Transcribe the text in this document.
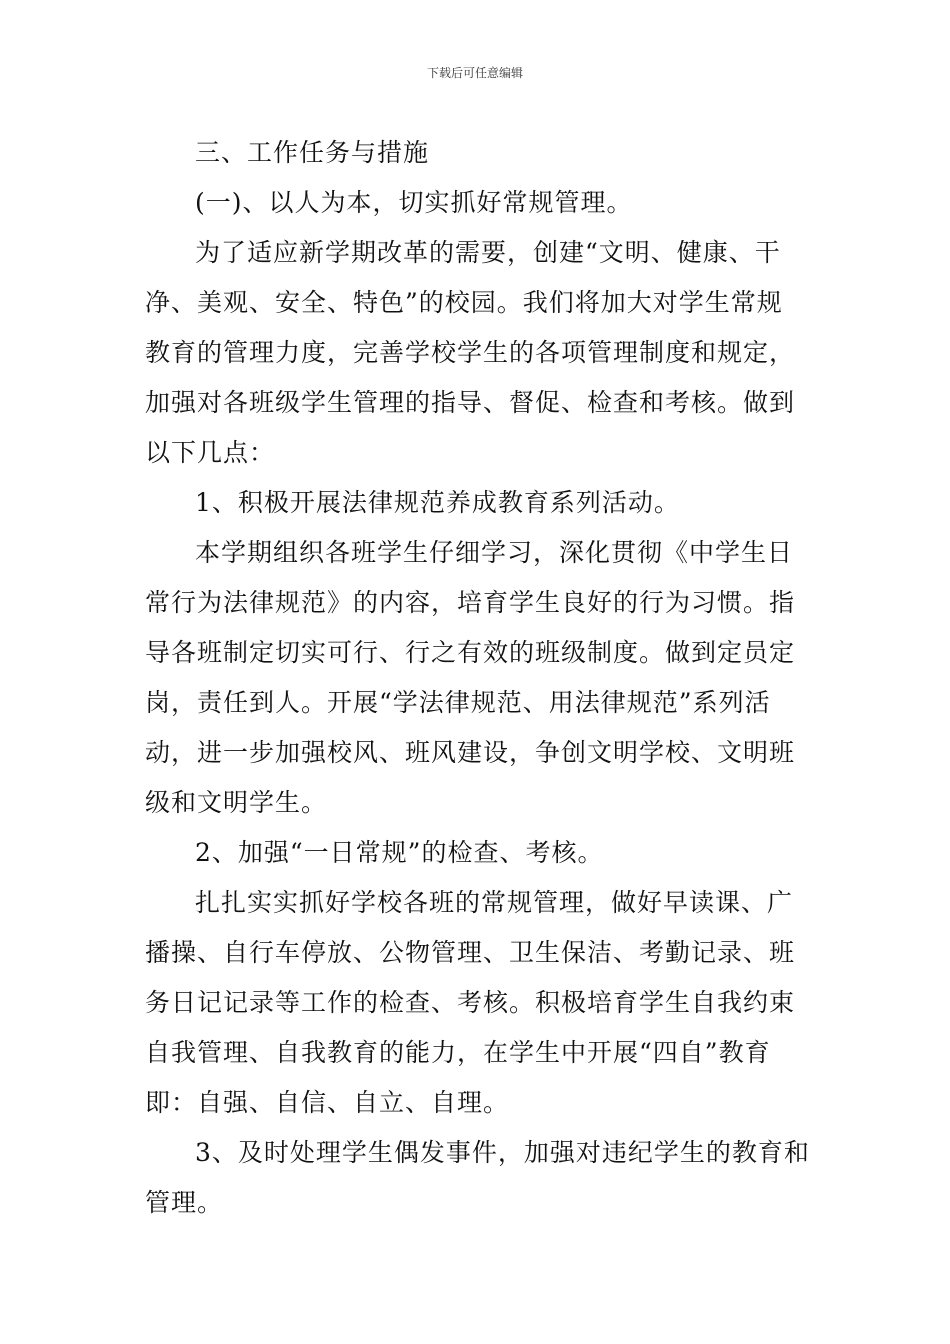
下载后可任意编辑
三、工作任务与措施
(一)、以人为本，切实抓好常规管理。
为了适应新学期改革的需要，创建“文明、健康、干
净、美观、安全、特色”的校园。我们将加大对学生常规
教育的管理力度，完善学校学生的各项管理制度和规定，
加强对各班级学生管理的指导、督促、检查和考核。做到
以下几点：
1、积极开展法律规范养成教育系列活动。
本学期组织各班学生仔细学习，深化贯彻《中学生日
常行为法律规范》的内容，培育学生良好的行为习惯。指
导各班制定切实可行、行之有效的班级制度。做到定员定
岗，责任到人。开展“学法律规范、用法律规范”系列活
动，进一步加强校风、班风建设，争创文明学校、文明班
级和文明学生。
2、加强“一日常规”的检查、考核。
扎扎实实抓好学校各班的常规管理，做好早读课、广
播操、自行车停放、公物管理、卫生保洁、考勤记录、班
务日记记录等工作的检查、考核。积极培育学生自我约束
自我管理、自我教育的能力，在学生中开展“四自”教育
即：自强、自信、自立、自理。
3、及时处理学生偶发事件，加强对违纪学生的教育和
管理。
